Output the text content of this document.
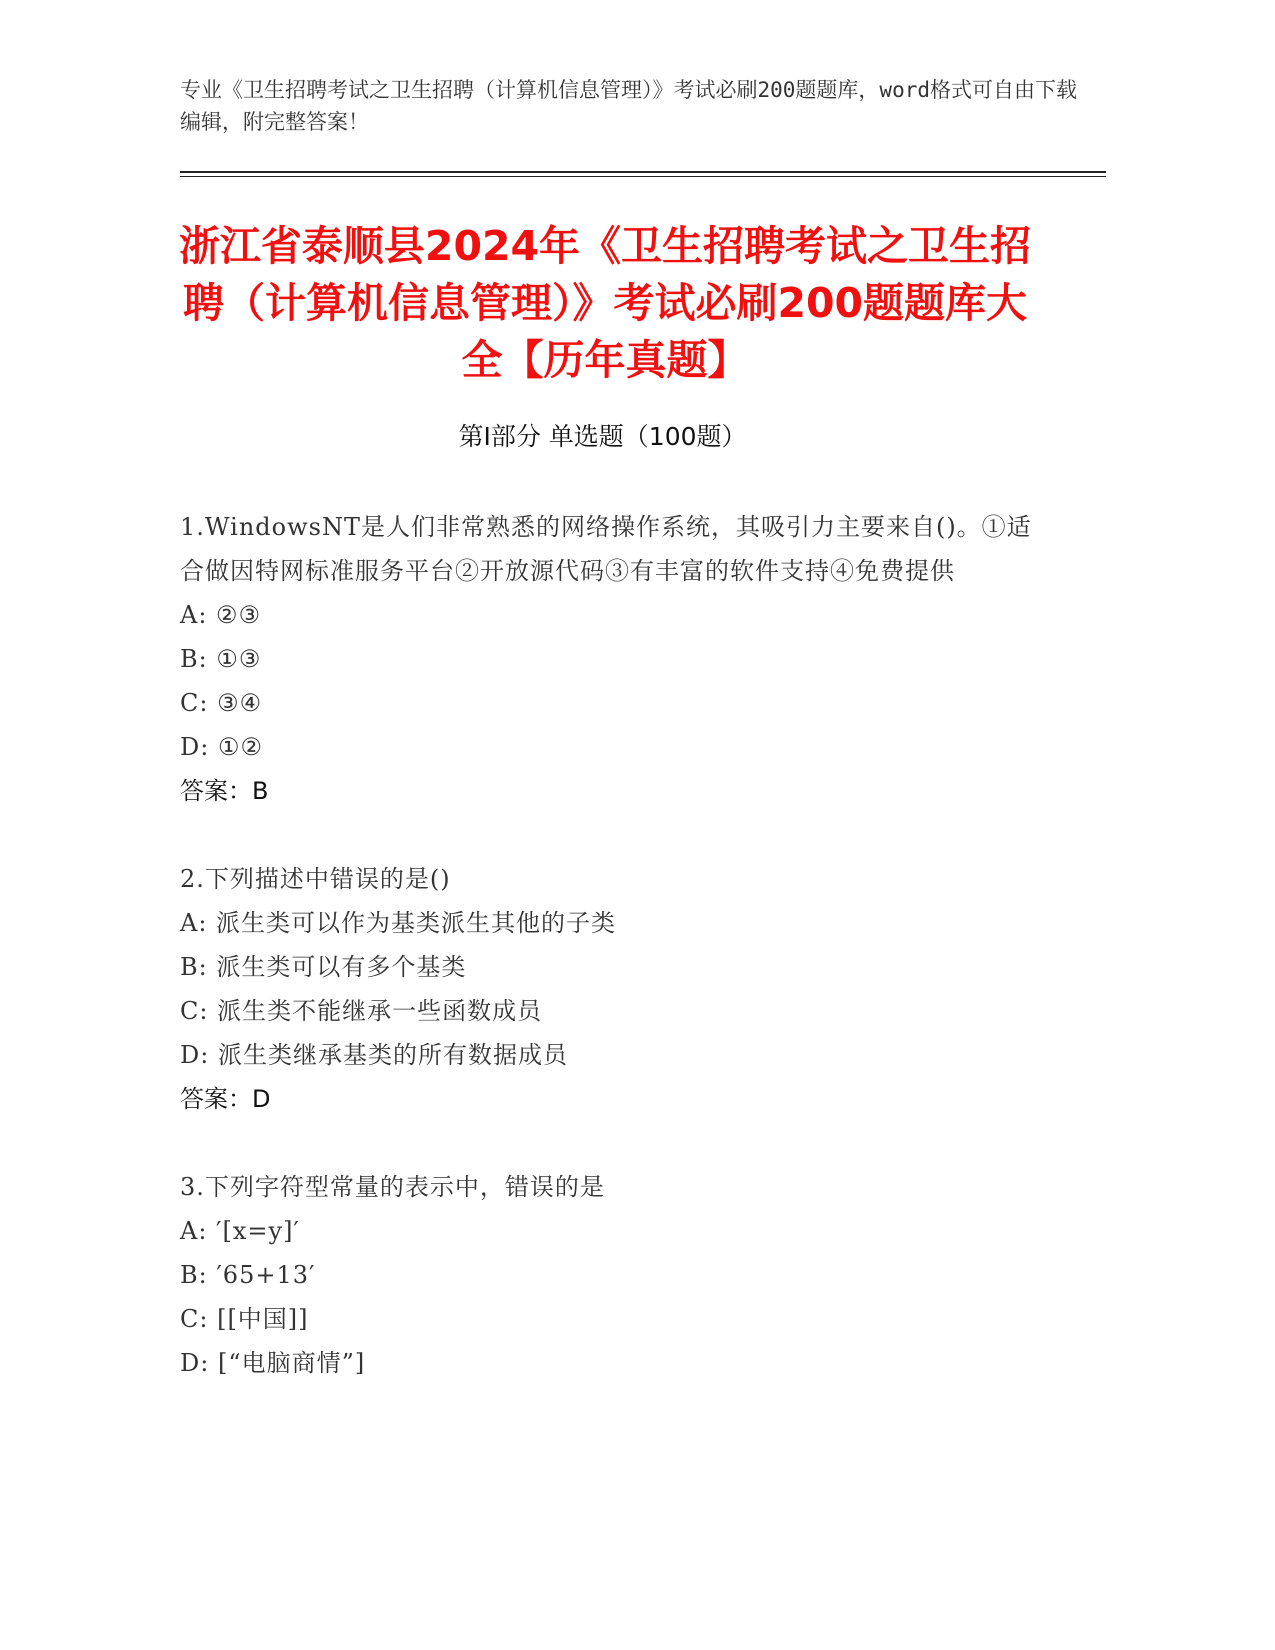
专业《卫生招聘考试之卫生招聘（计算机信息管理）》考试必刷200题题库，word格式可自由下载编辑，附完整答案！
浙江省泰顺县2024年《卫生招聘考试之卫生招聘（计算机信息管理）》考试必刷200题题库大全【历年真题】
第Ⅰ部分 单选题（100题）
1.WindowsNT是人们非常熟悉的网络操作系统，其吸引力主要来自()。①适合做因特网标准服务平台②开放源代码③有丰富的软件支持④免费提供
A: ②③
B: ①③
C: ③④
D: ①②
答案：B
2.下列描述中错误的是()
A: 派生类可以作为基类派生其他的子类
B: 派生类可以有多个基类
C: 派生类不能继承一些函数成员
D: 派生类继承基类的所有数据成员
答案：D
3.下列字符型常量的表示中，错误的是
A: ′[x=y]′
B: ′65+13′
C: [[中国]]
D: [“电脑商情”]
